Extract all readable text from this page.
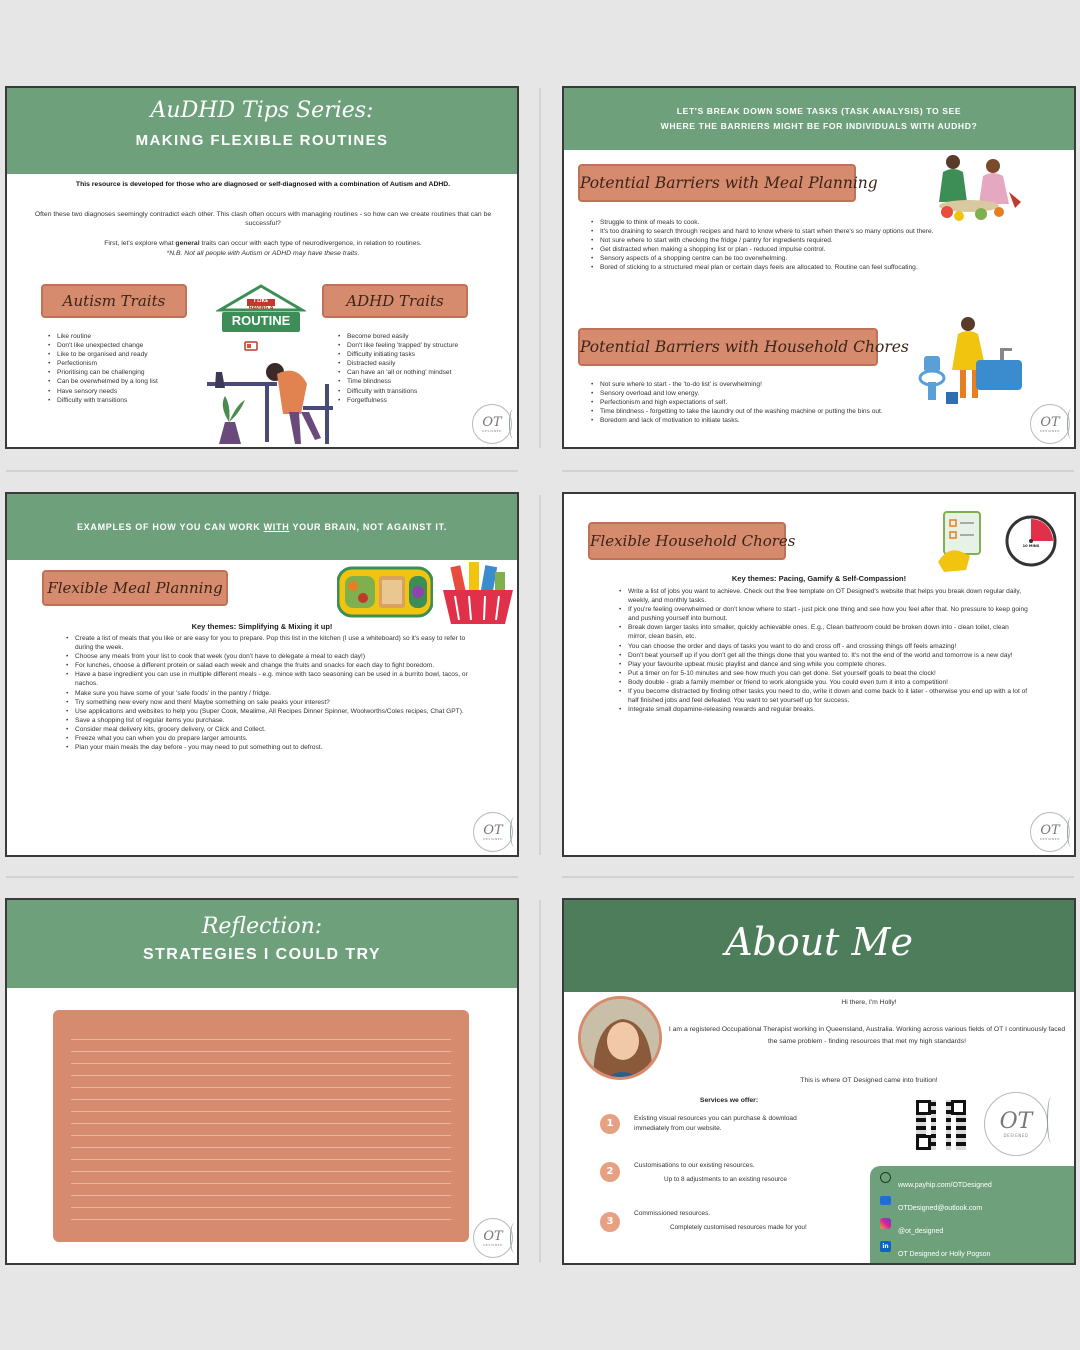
AuDHD Tips Series:
MAKING FLEXIBLE ROUTINES
This resource is developed for those who are diagnosed or self-diagnosed with a combination of Autism and ADHD.
Often these two diagnoses seemingly contradict each other. This clash often occurs with managing routines - so how can we create routines that can be successful?
First, let's explore what general traits can occur with each type of neurodivergence, in relation to routines.
*N.B. Not all people with Autism or ADHD may have these traits.
Autism Traits	ADHD Traits
• Like routine
• Don't like unexpected change
• Like to be organised and ready
• Perfectionism
• Prioritising can be challenging
• Can be overwhelmed by a long list
• Have sensory needs
• Difficulty with transitions
• Become bored easily
• Don't like feeling 'trapped' by structure
• Difficulty initiating tasks
• Distracted easily
• Can have an 'all or nothing' mindset
• Time blindness
• Difficulty with transitions
• Forgetfulness
I LIKE
HAVING A
ROUTINE
OT
DESIGNED
LET'S BREAK DOWN SOME TASKS (TASK ANALYSIS) TO SEE
WHERE THE BARRIERS MIGHT BE FOR INDIVIDUALS WITH AUDHD?
Potential Barriers with Meal Planning
• Struggle to think of meals to cook.
• It's too draining to search through recipes and hard to know where to start when there's so many options out there.
• Not sure where to start with checking the fridge / pantry for ingredients required.
• Get distracted when making a shopping list or plan - reduced impulse control.
• Sensory aspects of a shopping centre can be too overwhelming.
• Bored of sticking to a structured meal plan or certain days feels are allocated to. Routine can feel suffocating.
Potential Barriers with Household Chores
• Not sure where to start - the 'to-do list' is overwhelming!
• Sensory overload and low energy.
• Perfectionism and high expectations of self.
• Time blindness - forgetting to take the laundry out of the washing machine or putting the bins out.
• Boredom and lack of motivation to initiate tasks.	OT
DESIGNED
EXAMPLES OF HOW YOU CAN WORK WITH YOUR BRAIN, NOT AGAINST IT.
Flexible Meal Planning
Key themes: Simplifying & Mixing it up!
• Create a list of meals that you like or are easy for you to prepare. Pop this list in the kitchen (I use a whiteboard) so it's easy to refer to during the week.
• Choose any meals from your list to cook that week (you don't have to delegate a meal to each day!)
• For lunches, choose a different protein or salad each week and change the fruits and snacks for each day to fight boredom.
• Have a base ingredient you can use in multiple different meals - e.g. mince with taco seasoning can be used in a burrito bowl, tacos, or nachos.
• Make sure you have some of your 'safe foods' in the pantry / fridge.
• Try something new every now and then! Maybe something on sale peaks your interest?
• Use applications and websites to help you (Super Cook, Mealime, All Recipes Dinner Spinner, Woolworths/Coles recipes, Chat GPT).
• Save a shopping list of regular items you purchase.
• Consider meal delivery kits, grocery delivery, or Click and Collect.
• Freeze what you can when you do prepare larger amounts.
• Plan your main meals the day before - you may need to put something out to defrost.
OT
DESIGNED
Flexible Household Chores	10 MINS
Key themes: Pacing, Gamify & Self-Compassion!
• Write a list of jobs you want to achieve. Check out the free template on OT Designed's website that helps you break down regular daily, weekly, and monthly tasks.
• If you're feeling overwhelmed or don't know where to start - just pick one thing and see how you feel after that. No pressure to keep going and pushing yourself into burnout.
• Break down larger tasks into smaller, quickly achievable ones. E.g., Clean bathroom could be broken down into - clean toilet, clean mirror, clean basin, etc.
• You can choose the order and days of tasks you want to do and cross off - and crossing things off feels amazing!
• Don't beat yourself up if you don't get all the things done that you wanted to. It's not the end of the world and tomorrow is a new day!
• Play your favourite upbeat music playlist and dance and sing while you complete chores.
• Put a timer on for 5-10 minutes and see how much you can get done. Set yourself goals to beat the clock!
• Body double - grab a family member or friend to work alongside you. You could even turn it into a competition!
• If you become distracted by finding other tasks you need to do, write it down and come back to it later - otherwise you end up with a lot of half finished jobs and feel defeated. You want to set yourself up for success.
• Integrate small dopamine-releasing rewards and regular breaks.
OT
DESIGNED
Reflection:
STRATEGIES I COULD TRY
OT
DESIGNED
About Me
Hi there, I'm Holly!
I am a registered Occupational Therapist working in Queensland, Australia. Working across various fields of OT I continuously faced the same problem - finding resources that met my high standards!
This is where OT Designed came into fruition!
Services we offer:
1	Existing visual resources you can purchase & download immediately from our website.
2
Customisations to our existing resources.
Up to 8 adjustments to an existing resource
3
Commissioned resources.
Completely customised resources made for you!
OT
DESIGNED
www.payhip.com/OTDesigned
OTDesigned@outlook.com
@ot_designed
in
OT Designed or Holly Pogson
